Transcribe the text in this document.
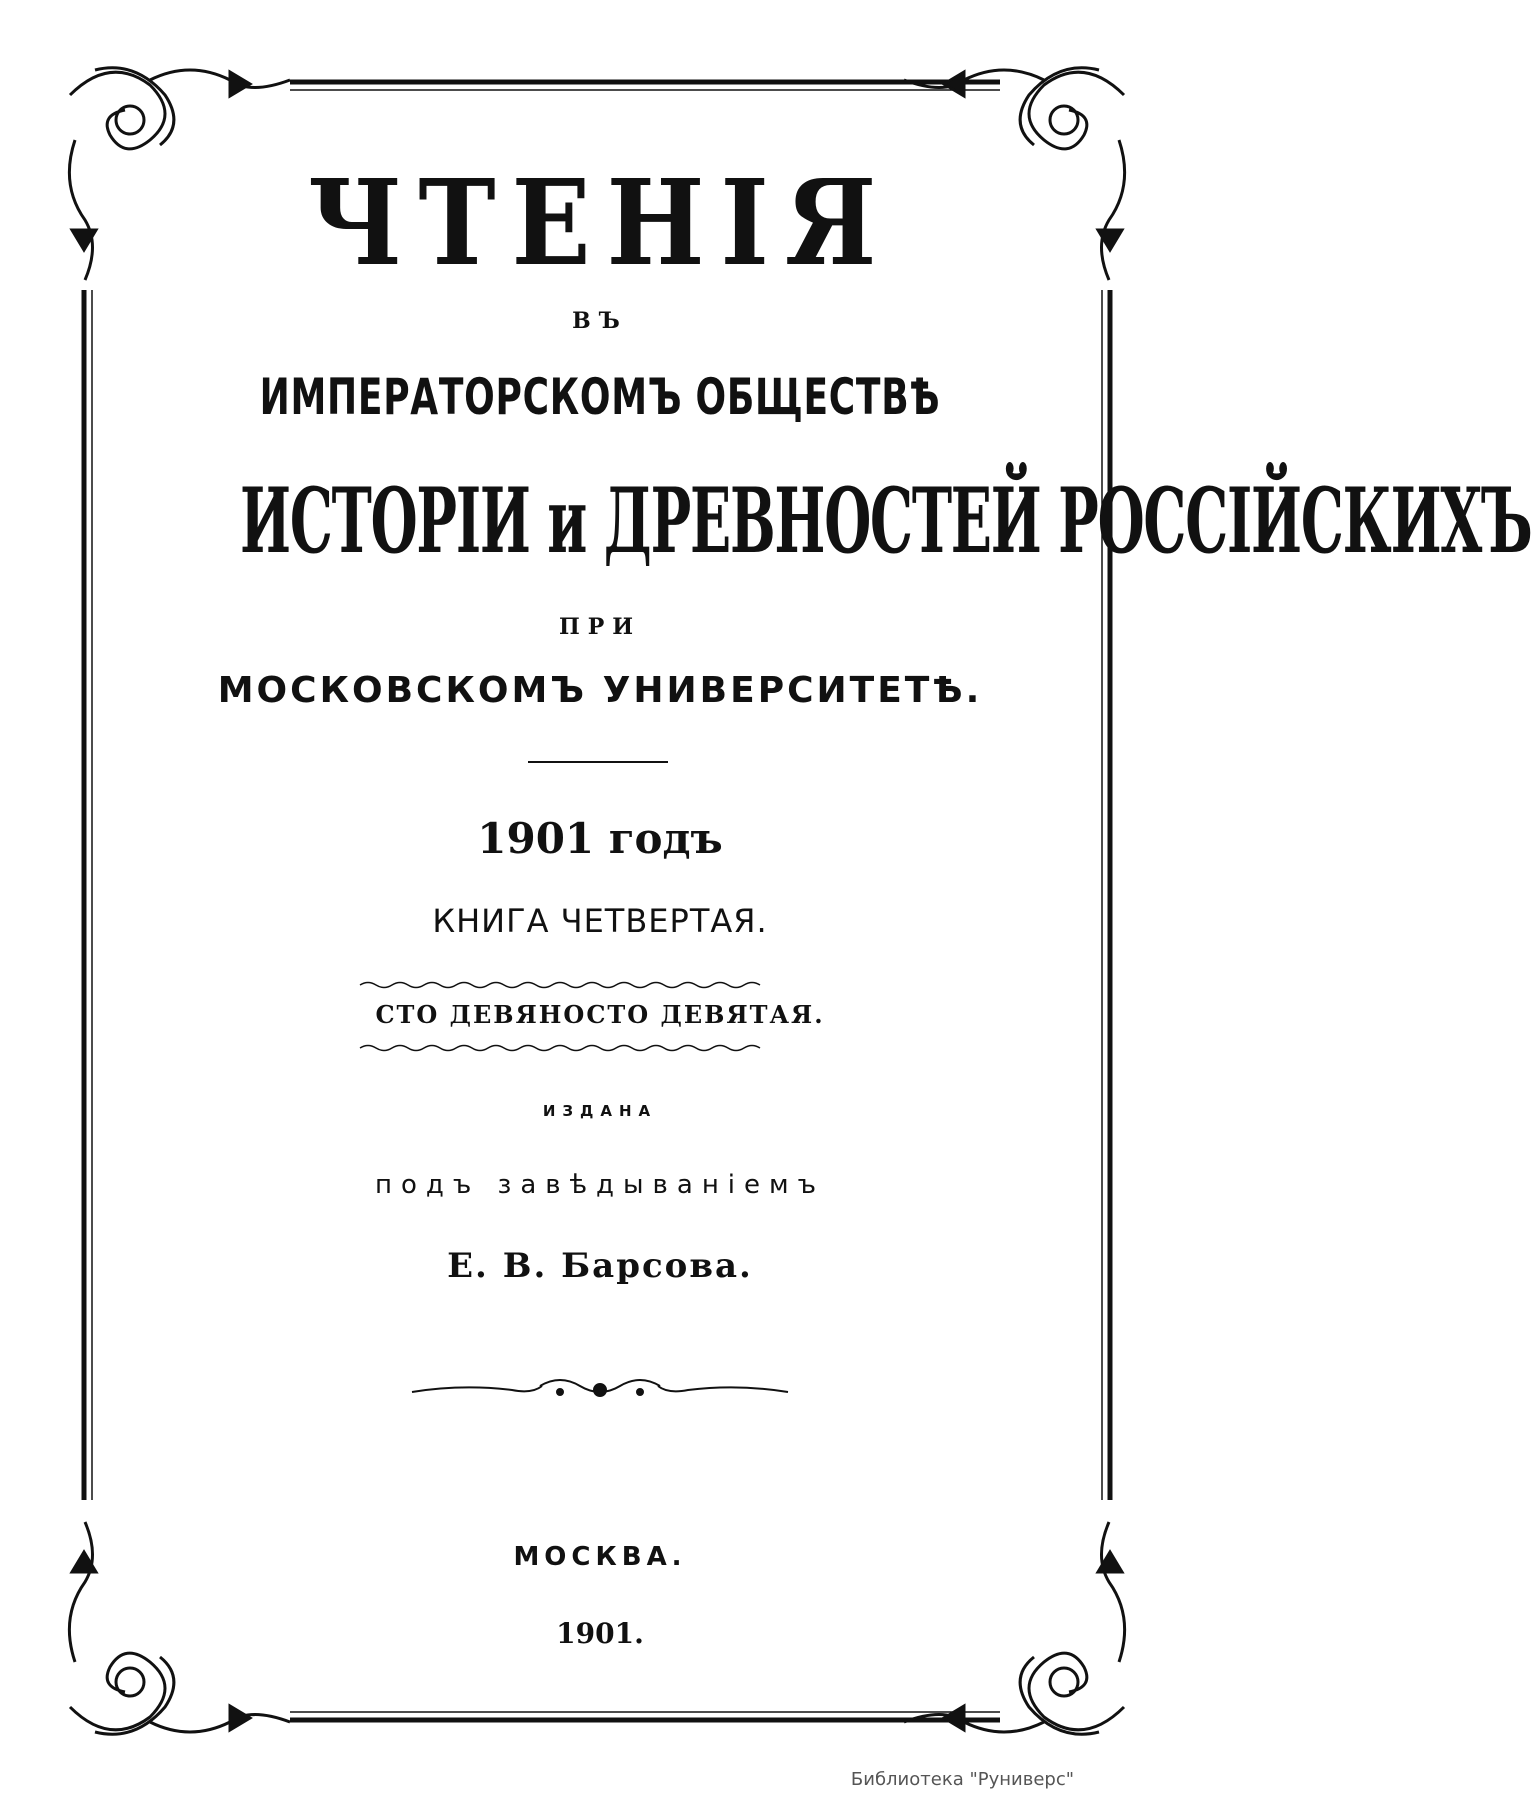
ЧТЕНІЯ
ВЪ
ИМПЕРАТОРСКОМЪ ОБЩЕСТВѢ
ИСТОРІИ и ДРЕВНОСТЕЙ РОССІЙСКИХЪ
ПРИ
МОСКОВСКОМЪ УНИВЕРСИТЕТѢ.
1901 годъ
КНИГА ЧЕТВЕРТАЯ.
СТО ДЕВЯНОСТО ДЕВЯТАЯ.
ИЗДАНА
подъ завѣдываніемъ
Е. В. Барсова.
МОСКВА.
1901.
Библиотека "Руниверс"
